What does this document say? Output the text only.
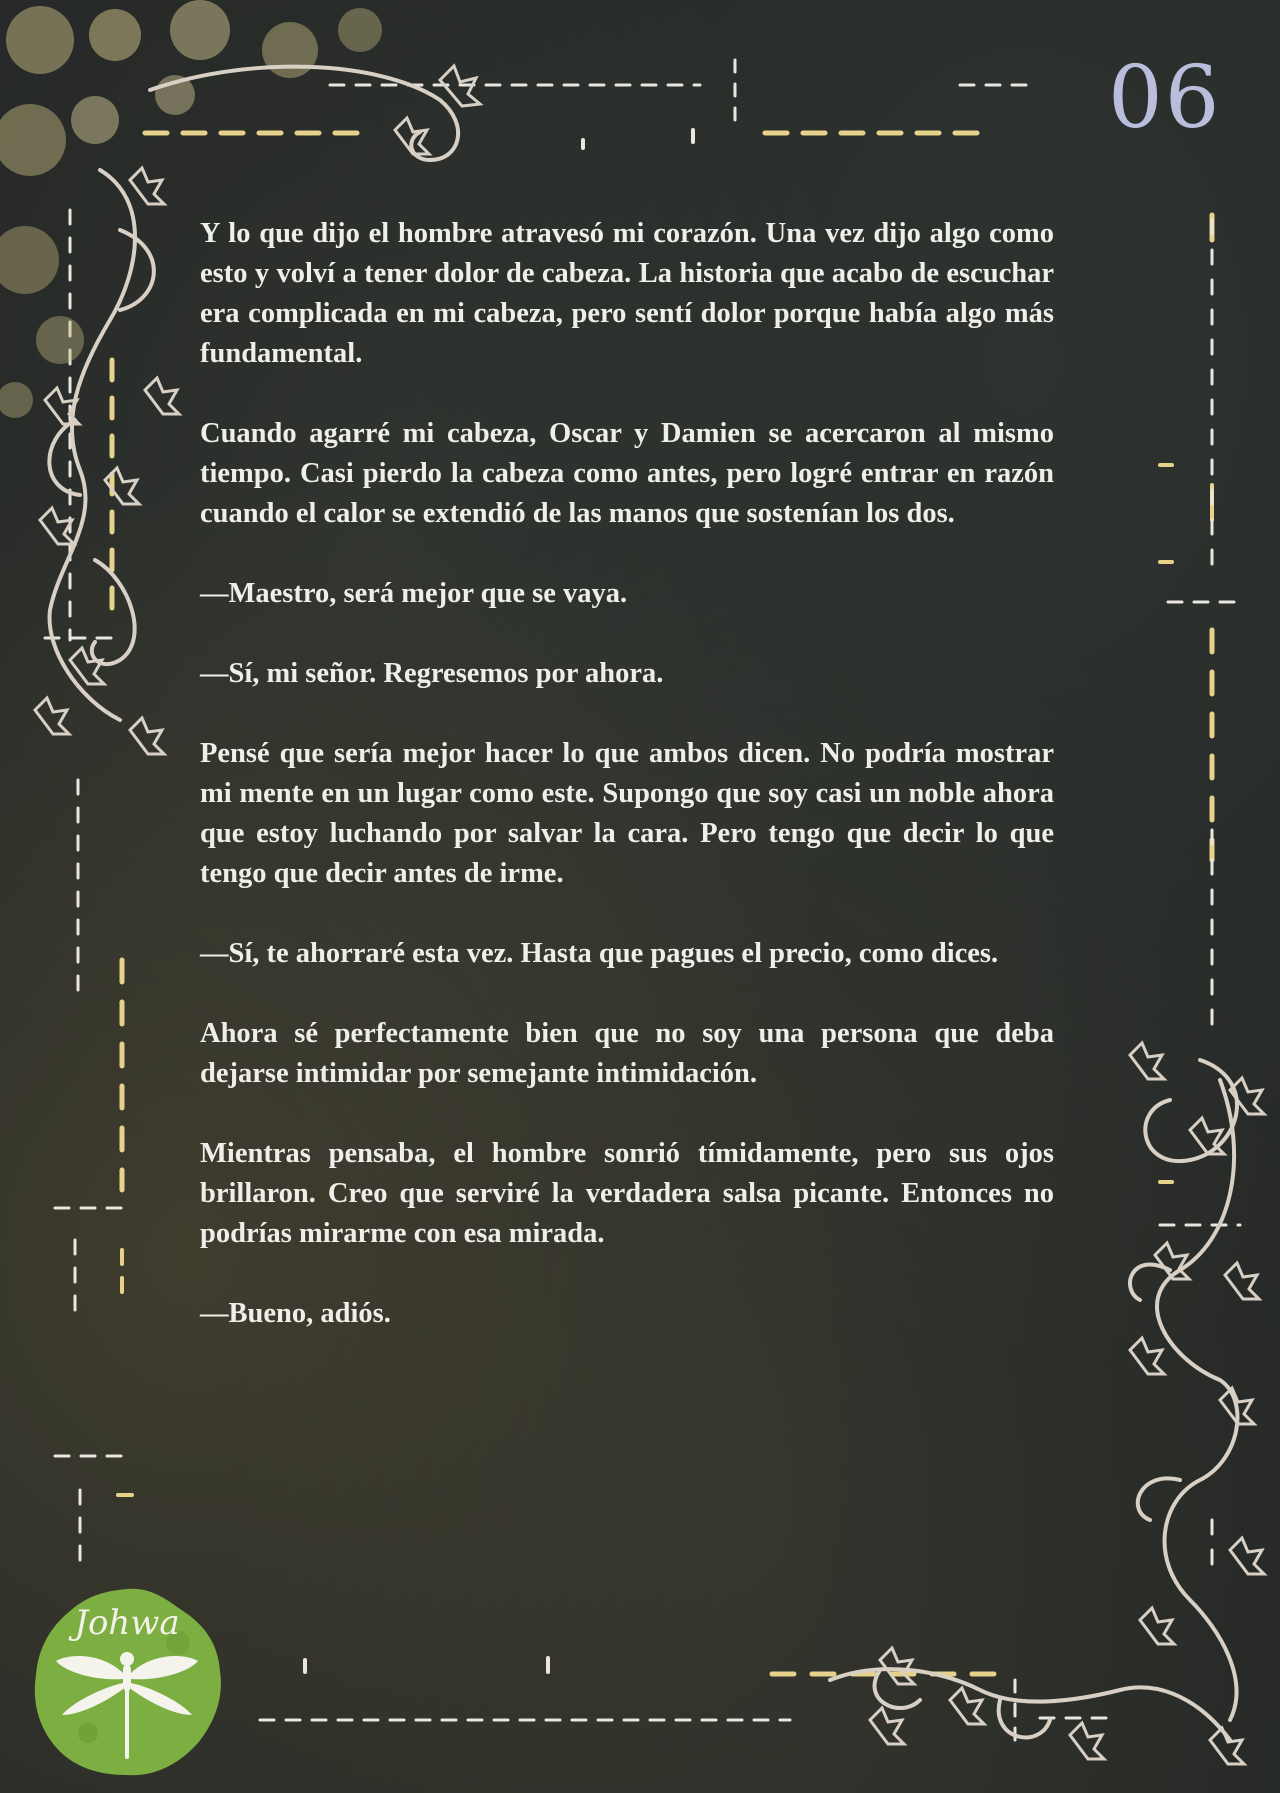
06

Y lo que dijo el hombre atravesó mi corazón. Una vez dijo algo como esto y volví a tener dolor de cabeza. La historia que acabo de escuchar era complicada en mi cabeza, pero sentí dolor porque había algo más fundamental.

Cuando agarré mi cabeza, Oscar y Damien se acercaron al mismo tiempo. Casi pierdo la cabeza como antes, pero logré entrar en razón cuando el calor se extendió de las manos que sostenían los dos.

—Maestro, será mejor que se vaya.

—Sí, mi señor. Regresemos por ahora.

Pensé que sería mejor hacer lo que ambos dicen. No podría mostrar mi mente en un lugar como este. Supongo que soy casi un noble ahora que estoy luchando por salvar la cara. Pero tengo que decir lo que tengo que decir antes de irme.

—Sí, te ahorraré esta vez. Hasta que pagues el precio, como dices.

Ahora sé perfectamente bien que no soy una persona que deba dejarse intimidar por semejante intimidación.

Mientras pensaba, el hombre sonrió tímidamente, pero sus ojos brillaron. Creo que serviré la verdadera salsa picante. Entonces no podrías mirarme con esa mirada.

—Bueno, adiós.

Johwa
